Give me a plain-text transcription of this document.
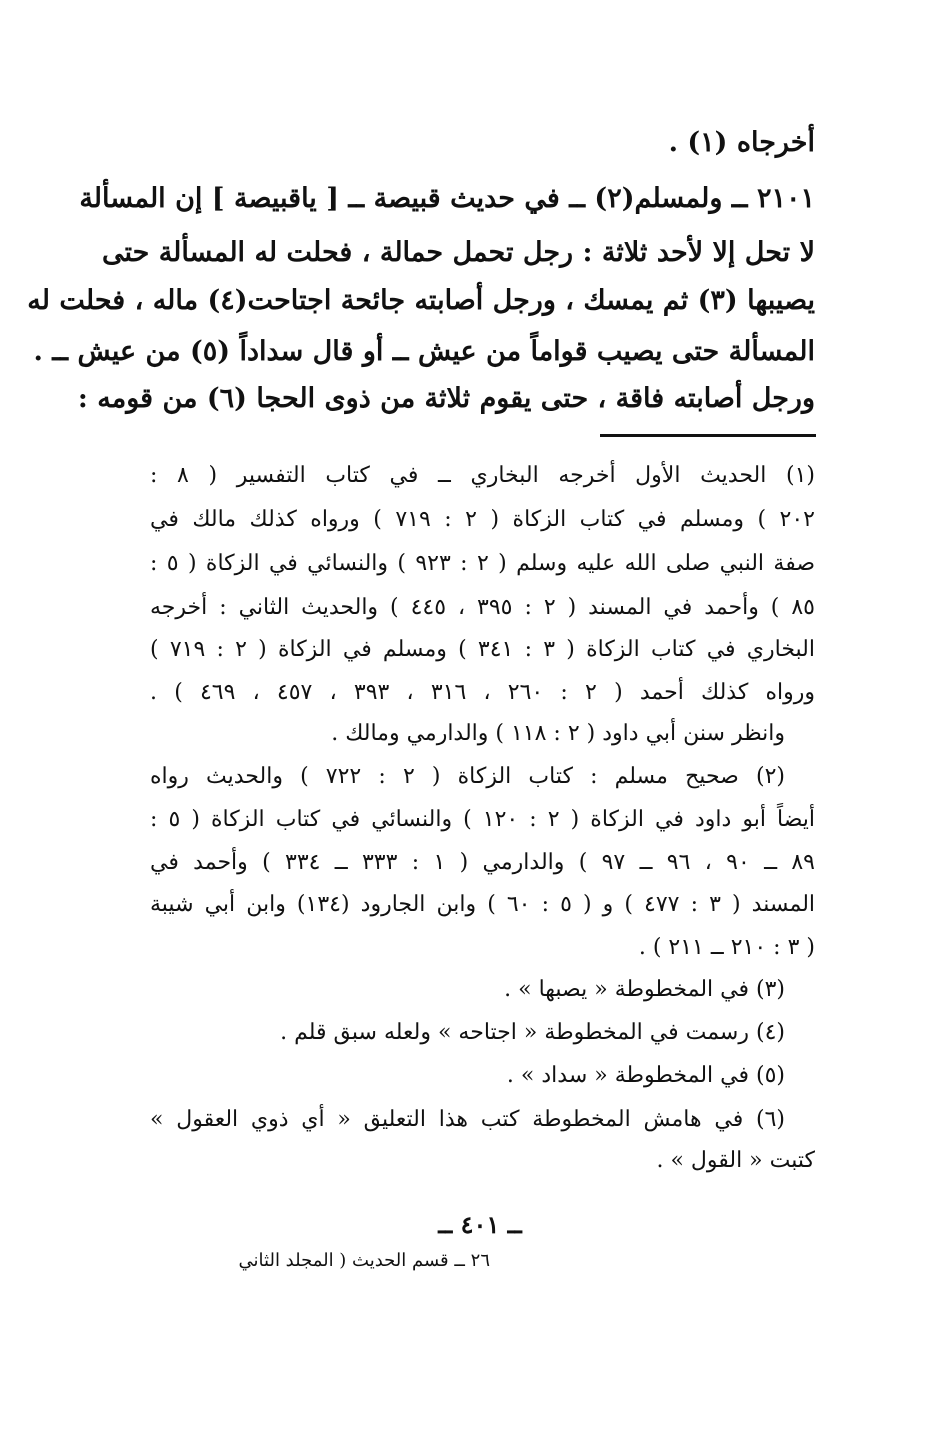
أخرجاه (١) .
٢١٠١ ــ ولمسلم(٢) ــ في حديث قبيصة ــ [ ياقبيصة ] إن المسألة
لا تحل إلا لأحد ثلاثة : رجل تحمل حمالة ، فحلت له المسألة حتى
يصيبها (٣) ثم يمسك ، ورجل أصابته جائحة اجتاحت(٤) ماله ، فحلت له
المسألة حتى يصيب قواماً من عيش ــ أو قال سداداً (٥) من عيش ــ .
ورجل أصابته فاقة ، حتى يقوم ثلاثة من ذوى الحجا (٦) من قومه :
(١) الحديث الأول أخرجه البخاري ــ في كتاب التفسير ( ٨ :
٢٠٢ ) ومسلم في كتاب الزكاة ( ٢ : ٧١٩ ) ورواه كذلك مالك في
صفة النبي صلى الله عليه وسلم ( ٢ : ٩٢٣ ) والنسائي في الزكاة ( ٥ :
٨٥ ) وأحمد في المسند ( ٢ : ٣٩٥ ، ٤٤٥ ) والحديث الثاني : أخرجه
البخاري في كتاب الزكاة ( ٣ : ٣٤١ ) ومسلم في الزكاة ( ٢ : ٧١٩ )
ورواه كذلك أحمد ( ٢ : ٢٦٠ ، ٣١٦ ، ٣٩٣ ، ٤٥٧ ، ٤٦٩ ) .
وانظر سنن أبي داود ( ٢ : ١١٨ ) والدارمي ومالك .
(٢) صحيح مسلم : كتاب الزكاة ( ٢ : ٧٢٢ ) والحديث رواه
أيضاً أبو داود في الزكاة ( ٢ : ١٢٠ ) والنسائي في كتاب الزكاة ( ٥ :
٨٩ ــ ٩٠ ، ٩٦ ــ ٩٧ ) والدارمي ( ١ : ٣٣٣ ــ ٣٣٤ ) وأحمد في
المسند ( ٣ : ٤٧٧ ) و ( ٥ : ٦٠ ) وابن الجارود (١٣٤) وابن أبي شيبة
( ٣ : ٢١٠ ــ ٢١١ ) .
(٣) في المخطوطة « يصبها » .
(٤) رسمت في المخطوطة « اجتاحه » ولعله سبق قلم .
(٥) في المخطوطة « سداد » .
(٦) في هامش المخطوطة كتب هذا التعليق « أي ذوي العقول »
كتبت « القول » .
ــ ٤٠١ ــ
٢٦ ــ قسم الحديث ( المجلد الثاني
